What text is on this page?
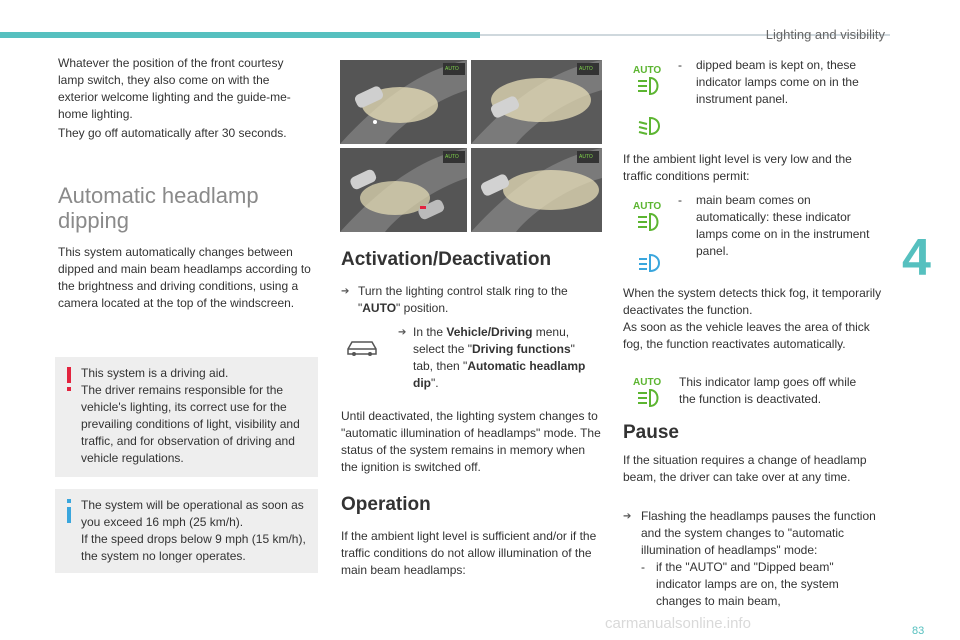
Lighting and visibility
4

Whatever the position of the front courtesy lamp switch, they also come on with the exterior welcome lighting and the guide-me-home lighting.

They go off automatically after 30 seconds.

Automatic headlamp dipping

This system automatically changes between dipped and main beam headlamps according to the brightness and driving conditions, using a camera located at the top of the windscreen.

This system is a driving aid.
The driver remains responsible for the vehicle's lighting, its correct use for the prevailing conditions of light, visibility and traffic, and for observation of driving and vehicle regulations.

The system will be operational as soon as you exceed 16 mph (25 km/h).
If the speed drops below 9 mph (15 km/h), the system no longer operates.

AUTO	AUTO
AUTO	AUTO
Activation/Deactivation
➔ Turn the lighting control stalk ring to the "AUTO" position.

➔ In the Vehicle/Driving menu, select the "Driving functions" tab, then "Automatic headlamp dip".

Until deactivated, the lighting system changes to "automatic illumination of headlamps" mode. The status of the system remains in memory when the ignition is switched off.

Operation

If the ambient light level is sufficient and/or if the traffic conditions do not allow illumination of the main beam headlamps:

AUTO - dipped beam is kept on, these indicator lamps come on in the instrument panel.

If the ambient light level is very low and the traffic conditions permit:

AUTO - main beam comes on automatically: these indicator lamps come on in the instrument panel.

When the system detects thick fog, it temporarily deactivates the function.
As soon as the vehicle leaves the area of thick fog, the function reactivates automatically.

AUTO This indicator lamp goes off while the function is deactivated.

Pause

If the situation requires a change of headlamp beam, the driver can take over at any time.

➔ Flashing the headlamps pauses the function and the system changes to "automatic illumination of headlamps" mode:

- if the "AUTO" and "Dipped beam" indicator lamps are on, the system changes to main beam,

carmanualsonline.info	83
